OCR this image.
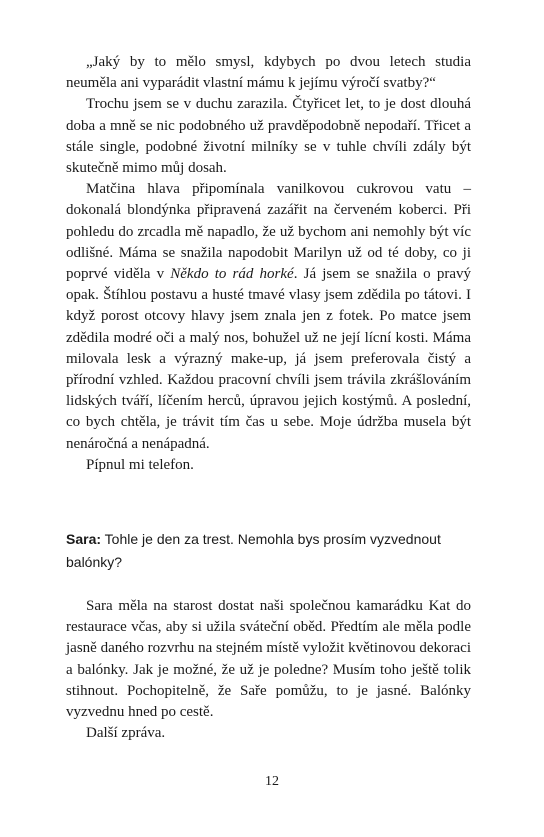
„Jaký by to mělo smysl, kdybych po dvou letech studia neuměla ani vyparádit vlastní mámu k jejímu výročí svatby?“

Trochu jsem se v duchu zarazila. Čtyřicet let, to je dost dlouhá doba a mně se nic podobného už pravděpodobně nepodaří. Třicet a stále single, podobné životní milníky se v tuhle chvíli zdály být skutečně mimo můj dosah.

Matčina hlava připomínala vanilkovou cukrovou vatu – dokonalá blondýnka připravená zazářit na červeném koberci. Při pohledu do zrcadla mě napadlo, že už bychom ani nemohly být víc odlišné. Máma se snažila napodobit Marilyn už od té doby, co ji poprvé viděla v Někdo to rád horké. Já jsem se snažila o pravý opak. Štíhlou postavu a husté tmavé vlasy jsem zdědila po tátovi. I když porost otcovy hlavy jsem znala jen z fotek. Po matce jsem zdědila modré oči a malý nos, bohužel už ne její lícní kosti. Máma milovala lesk a výrazný make-up, já jsem preferovala čistý a přírodní vzhled. Každou pracovní chvíli jsem trávila zkrášlováním lidských tváří, líčením herců, úpravou jejich kostýmů. A poslední, co bych chtěla, je trávit tím čas u sebe. Moje údržba musela být nenáročná a nenápadná.

Pípnul mi telefon.

Sara: Tohle je den za trest. Nemohla bys prosím vyzvednout balónky?

Sara měla na starost dostat naši společnou kamarádku Kat do restaurace včas, aby si užila sváteční oběd. Předtím ale měla podle jasně daného rozvrhu na stejném místě vyložit květinovou dekoraci a balónky. Jak je možné, že už je poledne? Musím toho ještě tolik stihnout. Pochopitelně, že Saře pomůžu, to je jasné. Balónky vyzvednu hned po cestě.

Další zpráva.

12
